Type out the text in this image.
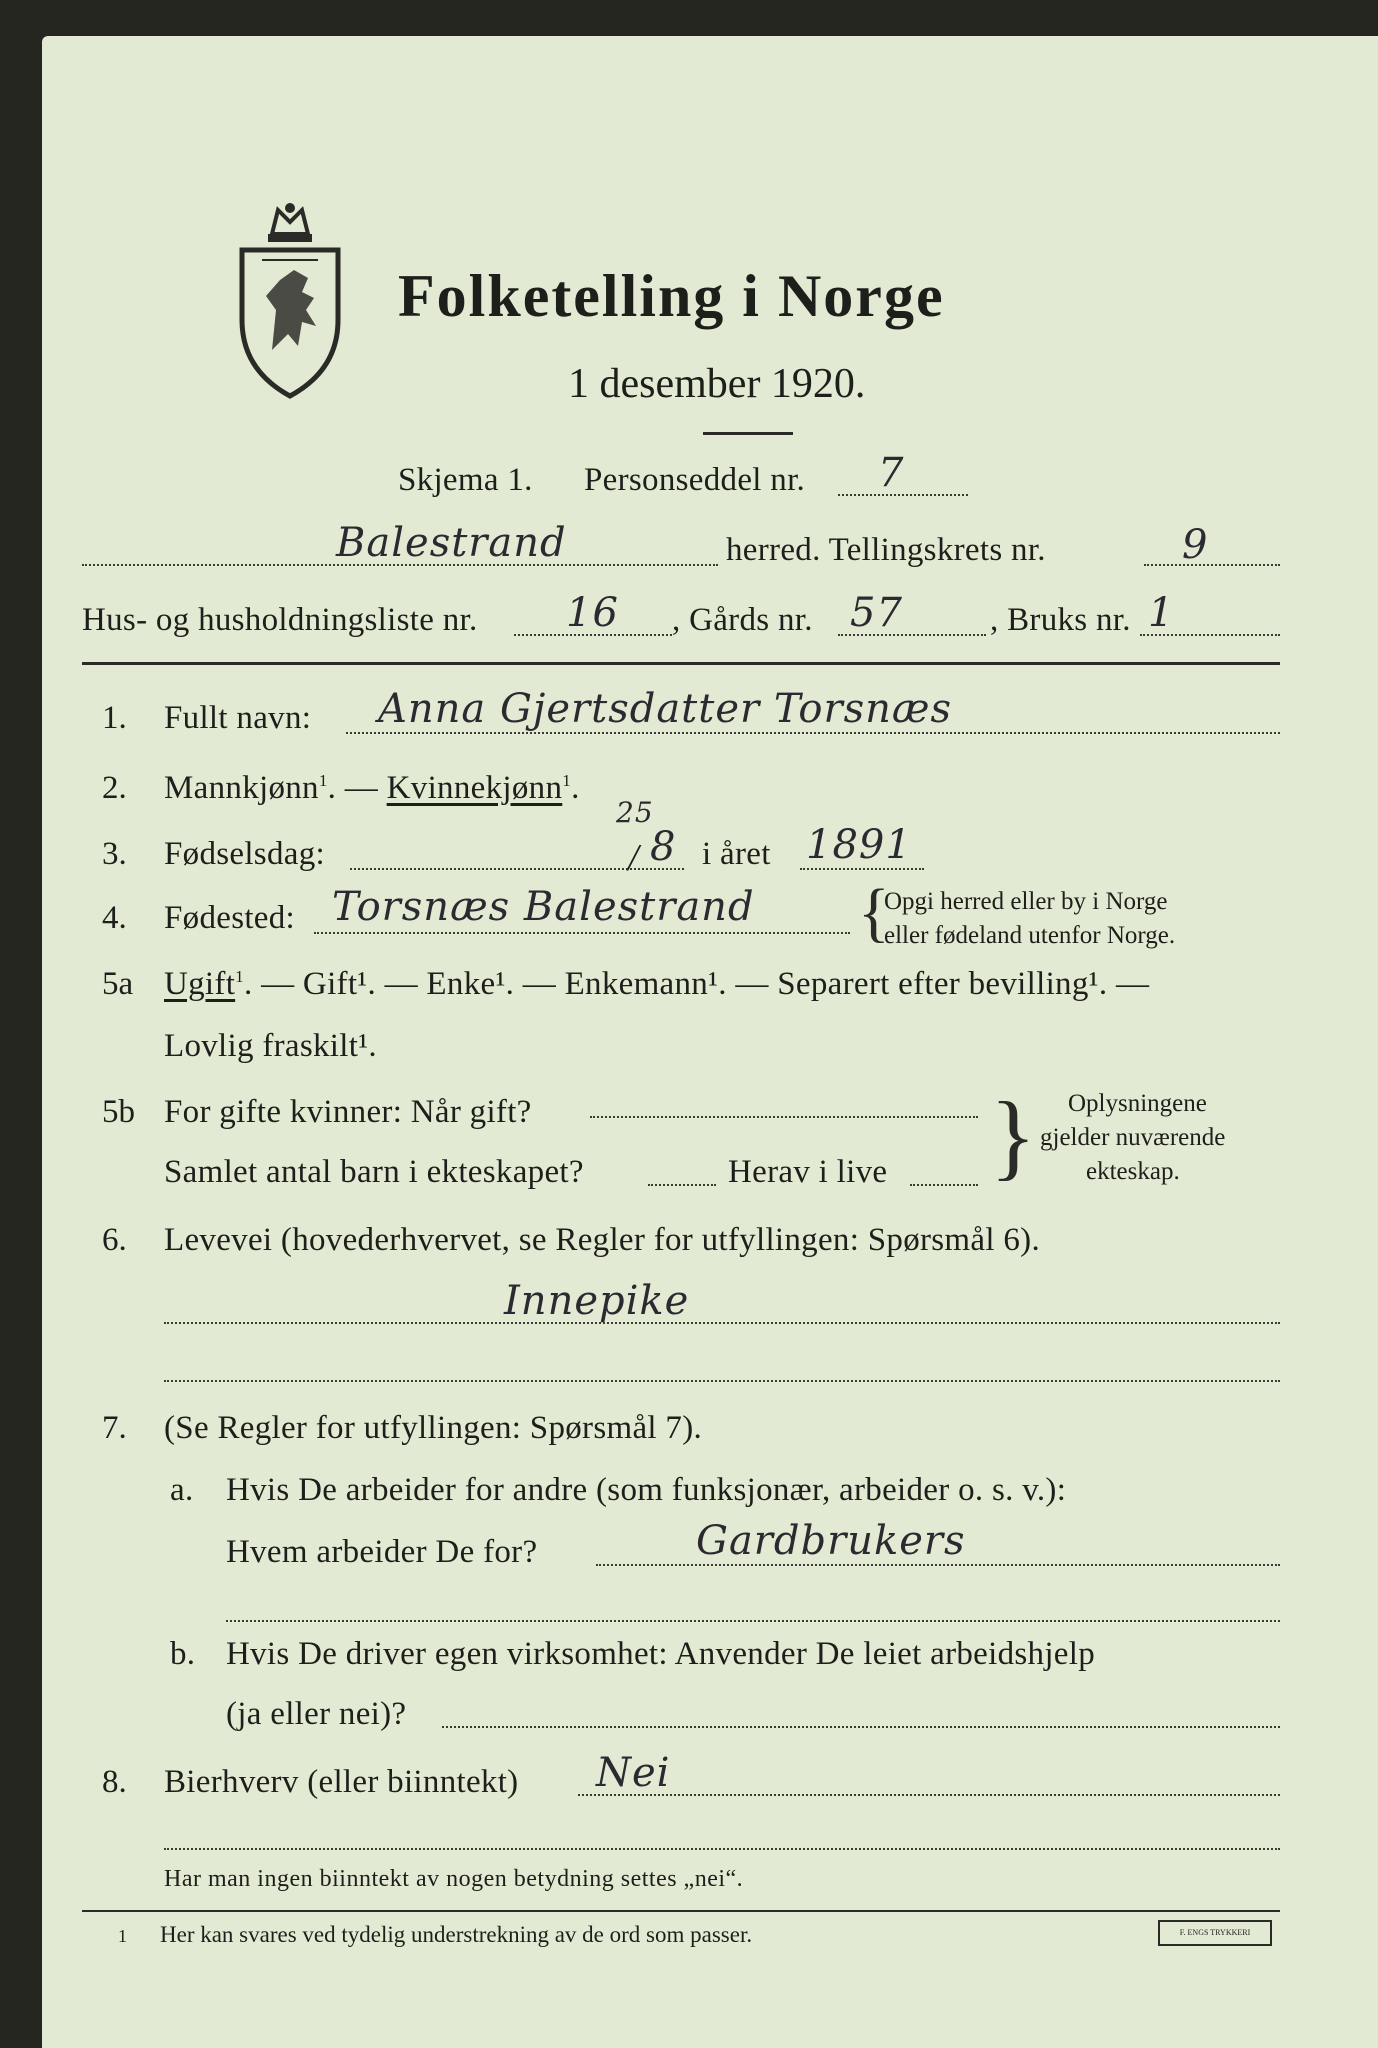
Folketelling i Norge
1 desember 1920.
Skjema 1. Personseddel nr. 7
Balestrand	herred. Tellingskrets nr.	9
Hus- og husholdningsliste nr. 16 , Gårds nr. 57	, Bruks nr. 1
1. Fullt navn: Anna Gjertsdatter Torsnæs
2. Mannkjønn$^1$. — Kvinnekjønn$^1$.
3. Fødselsdag:
25
/ 8 i året 1891
4. Fødested: Torsnæs Balestrand {
Opgi herred eller by i Norge
eller fødeland utenfor Norge.
5a Ugift$^1$. — Gift¹. — Enke¹. — Enkemann¹. — Separert efter bevilling¹. —
Lovlig fraskilt¹.
5b For gifte kvinner: Når gift?
Samlet antal barn i ekteskapet?	Herav i live } Oplysningene
gjelder nuværende
ekteskap.
6. Levevei (hovederhvervet, se Regler for utfyllingen: Spørsmål 6).
Innepike
7. (Se Regler for utfyllingen: Spørsmål 7).
a. Hvis De arbeider for andre (som funksjonær, arbeider o. s. v.):
Hvem arbeider De for?	Gardbrukers
b. Hvis De driver egen virksomhet: Anvender De leiet arbeidshjelp
(ja eller nei)?
8. Bierhverv (eller biinntekt) Nei
Har man ingen biinntekt av nogen betydning settes „nei“.
1 Her kan svares ved tydelig understrekning av de ord som passer.	F. ENGS TRYKKERI
